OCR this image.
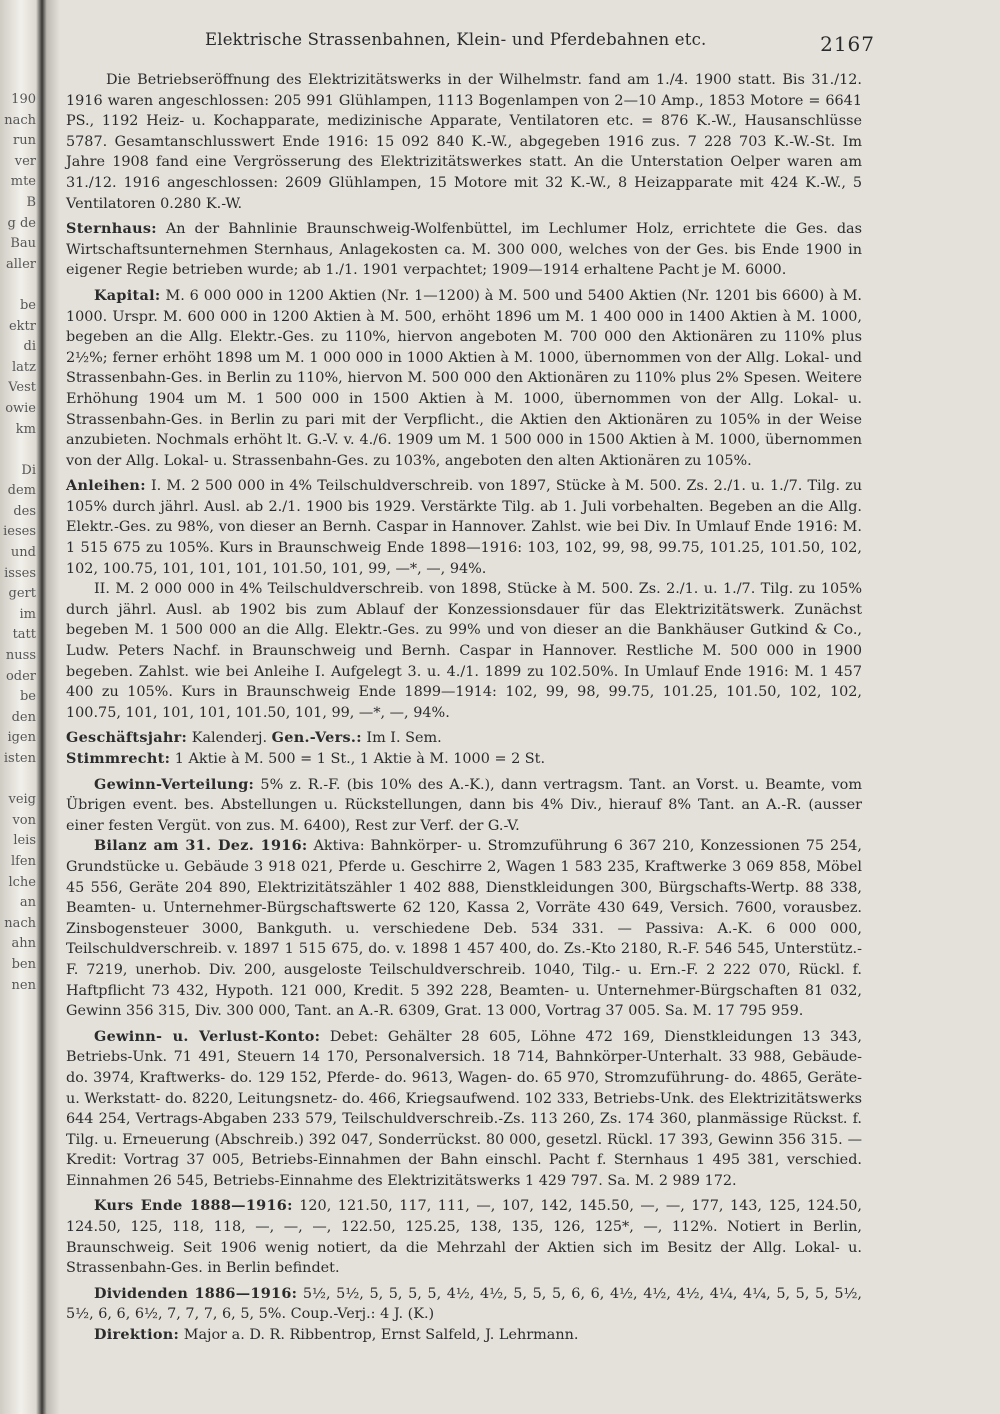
190
nach
run
ver
mte
B
g de
Bau
aller

be
ektr
di
latz
Vest
owie
km

Di
dem
des
ieses
und
isses
gert
im
tatt
nuss
oder
be
den
igen
isten

veig
von
leis
lfen
lche
an
nach
ahn
ben
nen
Elektrische Strassenbahnen, Klein- und Pferdebahnen etc.	2167

Die Betriebseröffnung des Elektrizitätswerks in der Wilhelmstr. fand am 1./4. 1900 statt. Bis 31./12. 1916 waren angeschlossen: 205 991 Glühlampen, 1113 Bogenlampen von 2—10 Amp., 1853 Motore = 6641 PS., 1192 Heiz- u. Kochapparate, medizinische Apparate, Ventilatoren etc. = 876 K.-W., Hausanschlüsse 5787. Gesamtanschlusswert Ende 1916: 15 092 840 K.-W., abgegeben 1916 zus. 7 228 703 K.-W.-St. Im Jahre 1908 fand eine Vergrösserung des Elektrizitätswerkes statt. An die Unterstation Oelper waren am 31./12. 1916 angeschlossen: 2609 Glühlampen, 15 Motore mit 32 K.-W., 8 Heizapparate mit 424 K.-W., 5 Ventilatoren 0.280 K.-W.

Sternhaus: An der Bahnlinie Braunschweig-Wolfenbüttel, im Lechlumer Holz, errichtete die Ges. das Wirtschaftsunternehmen Sternhaus, Anlagekosten ca. M. 300 000, welches von der Ges. bis Ende 1900 in eigener Regie betrieben wurde; ab 1./1. 1901 verpachtet; 1909—1914 erhaltene Pacht je M. 6000.

Kapital: M. 6 000 000 in 1200 Aktien (Nr. 1—1200) à M. 500 und 5400 Aktien (Nr. 1201 bis 6600) à M. 1000. Urspr. M. 600 000 in 1200 Aktien à M. 500, erhöht 1896 um M. 1 400 000 in 1400 Aktien à M. 1000, begeben an die Allg. Elektr.-Ges. zu 110%, hiervon angeboten M. 700 000 den Aktionären zu 110% plus 2½%; ferner erhöht 1898 um M. 1 000 000 in 1000 Aktien à M. 1000, übernommen von der Allg. Lokal- und Strassenbahn-Ges. in Berlin zu 110%, hiervon M. 500 000 den Aktionären zu 110% plus 2% Spesen. Weitere Erhöhung 1904 um M. 1 500 000 in 1500 Aktien à M. 1000, übernommen von der Allg. Lokal- u. Strassenbahn-Ges. in Berlin zu pari mit der Verpflicht., die Aktien den Aktionären zu 105% in der Weise anzubieten. Nochmals erhöht lt. G.-V. v. 4./6. 1909 um M. 1 500 000 in 1500 Aktien à M. 1000, übernommen von der Allg. Lokal- u. Strassenbahn-Ges. zu 103%, angeboten den alten Aktionären zu 105%.

Anleihen: I. M. 2 500 000 in 4% Teilschuldverschreib. von 1897, Stücke à M. 500. Zs. 2./1. u. 1./7. Tilg. zu 105% durch jährl. Ausl. ab 2./1. 1900 bis 1929. Verstärkte Tilg. ab 1. Juli vorbehalten. Begeben an die Allg. Elektr.-Ges. zu 98%, von dieser an Bernh. Caspar in Hannover. Zahlst. wie bei Div. In Umlauf Ende 1916: M. 1 515 675 zu 105%. Kurs in Braunschweig Ende 1898—1916: 103, 102, 99, 98, 99.75, 101.25, 101.50, 102, 102, 100.75, 101, 101, 101, 101.50, 101, 99, —*, —, 94%.

II. M. 2 000 000 in 4% Teilschuldverschreib. von 1898, Stücke à M. 500. Zs. 2./1. u. 1./7. Tilg. zu 105% durch jährl. Ausl. ab 1902 bis zum Ablauf der Konzessionsdauer für das Elektrizitätswerk. Zunächst begeben M. 1 500 000 an die Allg. Elektr.-Ges. zu 99% und von dieser an die Bankhäuser Gutkind & Co., Ludw. Peters Nachf. in Braunschweig und Bernh. Caspar in Hannover. Restliche M. 500 000 in 1900 begeben. Zahlst. wie bei Anleihe I. Aufgelegt 3. u. 4./1. 1899 zu 102.50%. In Umlauf Ende 1916: M. 1 457 400 zu 105%. Kurs in Braunschweig Ende 1899—1914: 102, 99, 98, 99.75, 101.25, 101.50, 102, 102, 100.75, 101, 101, 101, 101.50, 101, 99, —*, —, 94%.

Geschäftsjahr: Kalenderj. Gen.-Vers.: Im I. Sem.

Stimmrecht: 1 Aktie à M. 500 = 1 St., 1 Aktie à M. 1000 = 2 St.

Gewinn-Verteilung: 5% z. R.-F. (bis 10% des A.-K.), dann vertragsm. Tant. an Vorst. u. Beamte, vom Übrigen event. bes. Abstellungen u. Rückstellungen, dann bis 4% Div., hierauf 8% Tant. an A.-R. (ausser einer festen Vergüt. von zus. M. 6400), Rest zur Verf. der G.-V.

Bilanz am 31. Dez. 1916: Aktiva: Bahnkörper- u. Stromzuführung 6 367 210, Konzessionen 75 254, Grundstücke u. Gebäude 3 918 021, Pferde u. Geschirre 2, Wagen 1 583 235, Kraftwerke 3 069 858, Möbel 45 556, Geräte 204 890, Elektrizitätszähler 1 402 888, Dienstkleidungen 300, Bürgschafts-Wertp. 88 338, Beamten- u. Unternehmer-Bürgschaftswerte 62 120, Kassa 2, Vorräte 430 649, Versich. 7600, vorausbez. Zinsbogensteuer 3000, Bankguth. u. verschiedene Deb. 534 331. — Passiva: A.-K. 6 000 000, Teilschuldverschreib. v. 1897 1 515 675, do. v. 1898 1 457 400, do. Zs.-Kto 2180, R.-F. 546 545, Unterstütz.-F. 7219, unerhob. Div. 200, ausgeloste Teilschuldverschreib. 1040, Tilg.- u. Ern.-F. 2 222 070, Rückl. f. Haftpflicht 73 432, Hypoth. 121 000, Kredit. 5 392 228, Beamten- u. Unternehmer-Bürgschaften 81 032, Gewinn 356 315, Div. 300 000, Tant. an A.-R. 6309, Grat. 13 000, Vortrag 37 005. Sa. M. 17 795 959.

Gewinn- u. Verlust-Konto: Debet: Gehälter 28 605, Löhne 472 169, Dienstkleidungen 13 343, Betriebs-Unk. 71 491, Steuern 14 170, Personalversich. 18 714, Bahnkörper-Unterhalt. 33 988, Gebäude- do. 3974, Kraftwerks- do. 129 152, Pferde- do. 9613, Wagen- do. 65 970, Stromzuführung- do. 4865, Geräte- u. Werkstatt- do. 8220, Leitungsnetz- do. 466, Kriegsaufwend. 102 333, Betriebs-Unk. des Elektrizitätswerks 644 254, Vertrags-Abgaben 233 579, Teilschuldverschreib.-Zs. 113 260, Zs. 174 360, planmässige Rückst. f. Tilg. u. Erneuerung (Abschreib.) 392 047, Sonderrückst. 80 000, gesetzl. Rückl. 17 393, Gewinn 356 315. — Kredit: Vortrag 37 005, Betriebs-Einnahmen der Bahn einschl. Pacht f. Sternhaus 1 495 381, verschied. Einnahmen 26 545, Betriebs-Einnahme des Elektrizitätswerks 1 429 797. Sa. M. 2 989 172.

Kurs Ende 1888—1916: 120, 121.50, 117, 111, —, 107, 142, 145.50, —, —, 177, 143, 125, 124.50, 124.50, 125, 118, 118, —, —, —, 122.50, 125.25, 138, 135, 126, 125*, —, 112%. Notiert in Berlin, Braunschweig. Seit 1906 wenig notiert, da die Mehrzahl der Aktien sich im Besitz der Allg. Lokal- u. Strassenbahn-Ges. in Berlin befindet.

Dividenden 1886—1916: 5½, 5½, 5, 5, 5, 5, 4½, 4½, 5, 5, 5, 6, 6, 4½, 4½, 4½, 4¼, 4¼, 5, 5, 5, 5½, 5½, 6, 6, 6½, 7, 7, 7, 6, 5, 5%. Coup.-Verj.: 4 J. (K.)

Direktion: Major a. D. R. Ribbentrop, Ernst Salfeld, J. Lehrmann.
